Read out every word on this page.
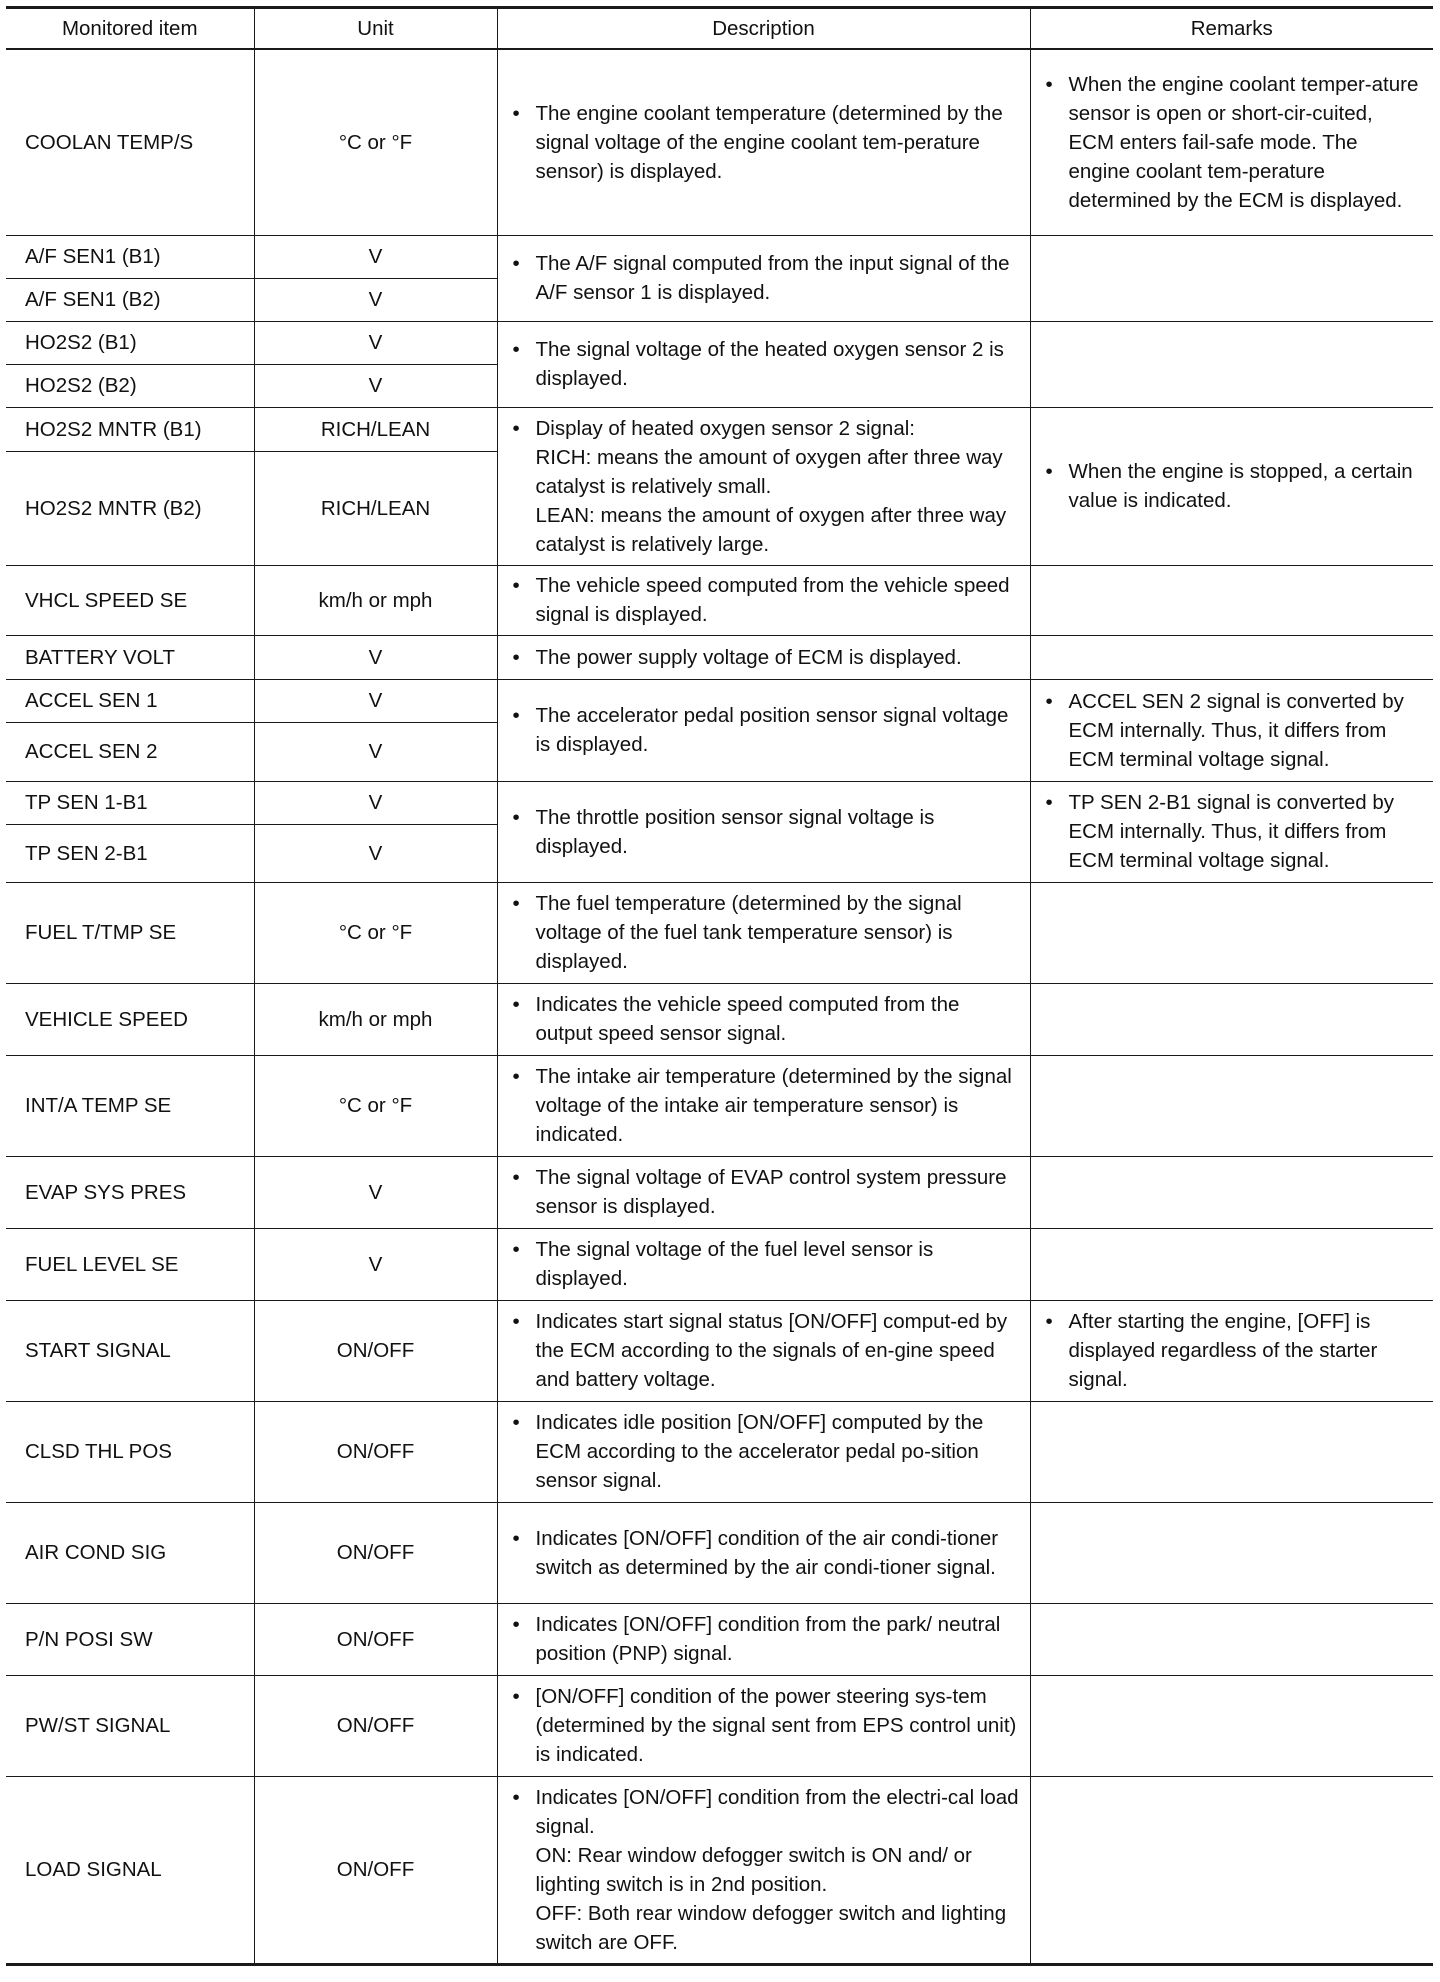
Monitored item	Unit	Description	Remarks
COOLAN TEMP/S	°C or °F	• The engine coolant temperature (determined by the signal voltage of the engine coolant tem-perature sensor) is displayed.	• When the engine coolant temper-ature sensor is open or short-cir-cuited, ECM enters fail-safe mode. The engine coolant tem-perature determined by the ECM is displayed.

A/F SEN1 (B1)	V	• The A/F signal computed from the input signal of the A/F sensor 1 is displayed.

A/F SEN1 (B2)	V		
HO2S2 (B1)	V	• The signal voltage of the heated oxygen sensor 2 is displayed.

HO2S2 (B2)	V		
HO2S2 MNTR (B1)	RICH/LEAN	• Display of heated oxygen sensor 2 signal:
RICH: means the amount of oxygen after three way catalyst is relatively small.
LEAN: means the amount of oxygen after three way catalyst is relatively large.	• When the engine is stopped, a certain value is indicated.

HO2S2 MNTR (B2)	RICH/LEAN		
VHCL SPEED SE	km/h or mph	• The vehicle speed computed from the vehicle speed signal is displayed.

BATTERY VOLT	V	• The power supply voltage of ECM is displayed.

ACCEL SEN 1	V	• The accelerator pedal position sensor signal voltage is displayed.	• ACCEL SEN 2 signal is converted by ECM internally. Thus, it differs from ECM terminal voltage signal.

ACCEL SEN 2	V		
TP SEN 1-B1	V	• The throttle position sensor signal voltage is displayed.	• TP SEN 2-B1 signal is converted by ECM internally. Thus, it differs from ECM terminal voltage signal.

TP SEN 2-B1	V		
FUEL T/TMP SE	°C or °F	• The fuel temperature (determined by the signal voltage of the fuel tank temperature sensor) is displayed.

VEHICLE SPEED	km/h or mph	• Indicates the vehicle speed computed from the output speed sensor signal.

INT/A TEMP SE	°C or °F	• The intake air temperature (determined by the signal voltage of the intake air temperature sensor) is indicated.

EVAP SYS PRES	V	• The signal voltage of EVAP control system pressure sensor is displayed.

FUEL LEVEL SE	V	• The signal voltage of the fuel level sensor is displayed.

START SIGNAL	ON/OFF	• Indicates start signal status [ON/OFF] comput-ed by the ECM according to the signals of en-gine speed and battery voltage.	• After starting the engine, [OFF] is displayed regardless of the starter signal.

CLSD THL POS	ON/OFF	• Indicates idle position [ON/OFF] computed by the ECM according to the accelerator pedal po-sition sensor signal.

AIR COND SIG	ON/OFF	• Indicates [ON/OFF] condition of the air condi-tioner switch as determined by the air condi-tioner signal.

P/N POSI SW	ON/OFF	• Indicates [ON/OFF] condition from the park/ neutral position (PNP) signal.

PW/ST SIGNAL	ON/OFF	• [ON/OFF] condition of the power steering sys-tem (determined by the signal sent from EPS control unit) is indicated.

LOAD SIGNAL	ON/OFF	• Indicates [ON/OFF] condition from the electri-cal load signal.
ON: Rear window defogger switch is ON and/ or lighting switch is in 2nd position.
OFF: Both rear window defogger switch and lighting switch are OFF.
